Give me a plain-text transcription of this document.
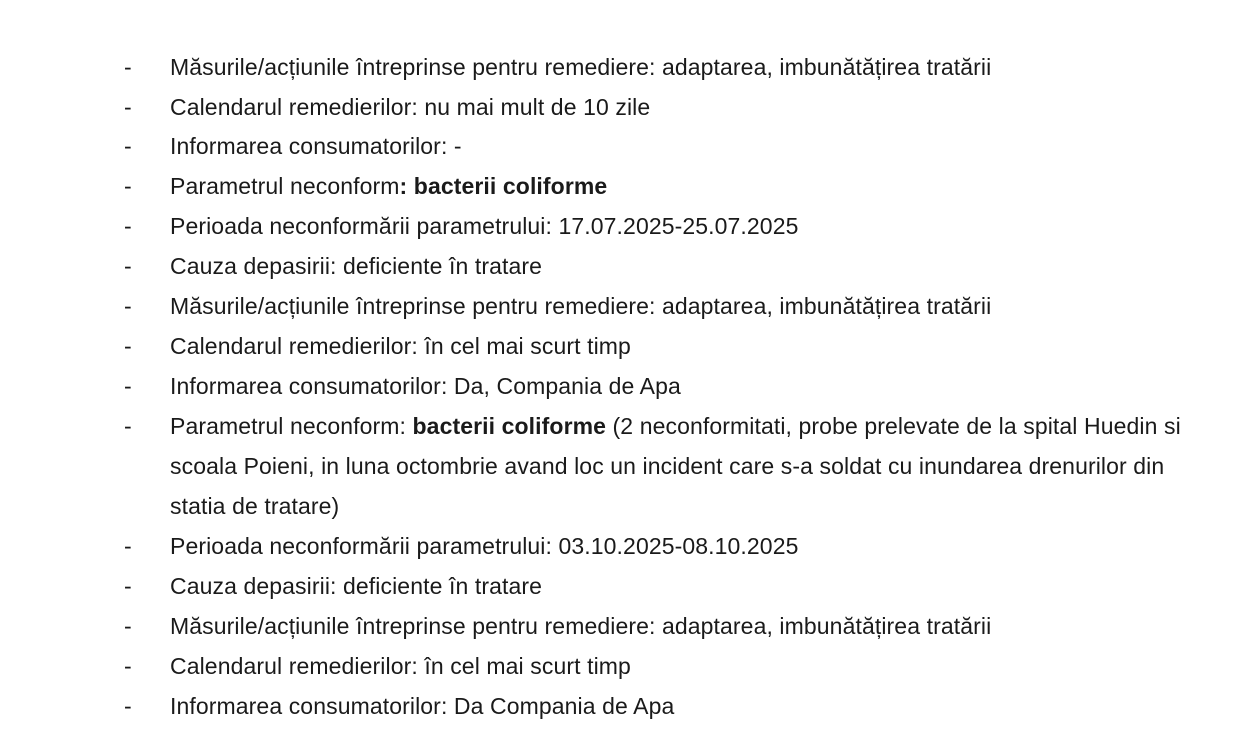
- Măsurile/acțiunile întreprinse pentru remediere: adaptarea, imbunătățirea tratării
- Calendarul remedierilor: nu mai mult de 10 zile
- Informarea consumatorilor: -
- Parametrul neconform: bacterii coliforme
- Perioada neconformării parametrului: 17.07.2025-25.07.2025
- Cauza depasirii: deficiente în tratare
- Măsurile/acțiunile întreprinse pentru remediere: adaptarea, imbunătățirea tratării
- Calendarul remedierilor: în cel mai scurt timp
- Informarea consumatorilor: Da, Compania de Apa
- Parametrul neconform: bacterii coliforme (2 neconformitati, probe prelevate de la spital Huedin si scoala Poieni, in luna octombrie avand loc un incident care s-a soldat cu inundarea drenurilor din statia de tratare)
- Perioada neconformării parametrului: 03.10.2025-08.10.2025
- Cauza depasirii: deficiente în tratare
- Măsurile/acțiunile întreprinse pentru remediere: adaptarea, imbunătățirea tratării
- Calendarul remedierilor: în cel mai scurt timp
- Informarea consumatorilor: Da Compania de Apa
